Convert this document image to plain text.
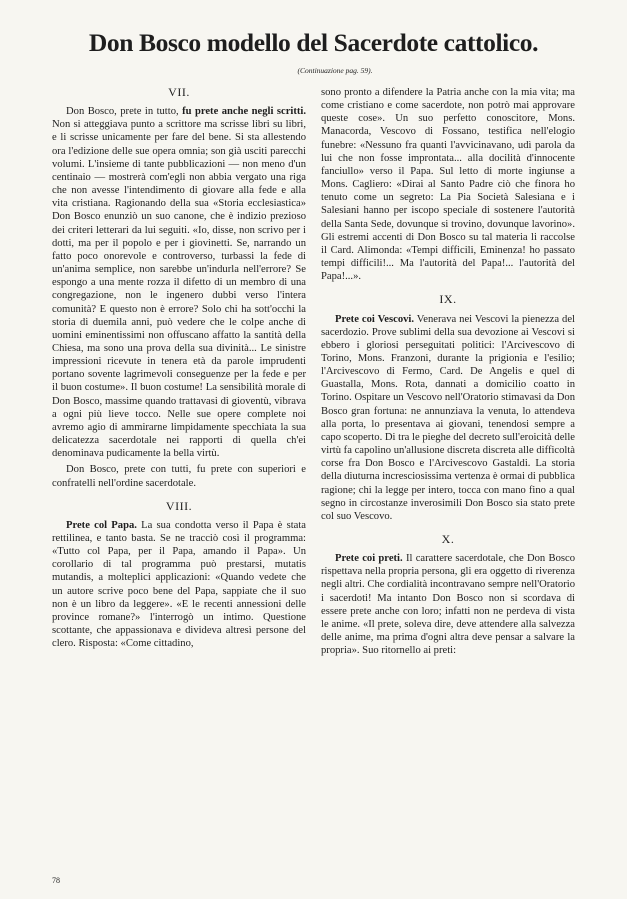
Don Bosco modello del Sacerdote cattolico.
(Continuazione pag. 59).
VII.

Don Bosco, prete in tutto, fu prete anche negli scritti. Non si atteggiava punto a scrittore ma scrisse libri su libri, e li scrisse unicamente per fare del bene. Si sta allestendo ora l'edizione delle sue opera omnia; son già usciti parecchi volumi. L'insieme di tante pubblicazioni — non meno d'un centinaio — mostrerà com'egli non abbia vergato una riga che non avesse l'intendimento di giovare alla fede e alla vita cristiana. Ragionando della sua «Storia ecclesiastica» Don Bosco enunziò un suo canone, che è indizio prezioso dei criteri letterari da lui seguiti. «Io, disse, non scrivo per i dotti, ma per il popolo e per i giovinetti. Se, narrando un fatto poco onorevole e controverso, turbassi la fede di un'anima semplice, non sarebbe un'indurla nell'errore? Se espongo a una mente rozza il difetto di un membro di una congregazione, non le ingenero dubbi verso l'intera comunità? E questo non è errore? Solo chi ha sott'occhi la storia di duemila anni, può vedere che le colpe anche di uomini eminentissimi non offuscano affatto la santità della Chiesa, ma sono una prova della sua divinità... Le sinistre impressioni ricevute in tenera età da parole imprudenti portano sovente lagrimevoli conseguenze per la fede e per il buon costume». Il buon costume! La sensibilità morale di Don Bosco, massime quando trattavasi di gioventù, vibrava a ogni più lieve tocco. Nelle sue opere complete noi avremo agio di ammirarne limpidamente specchiata la sua delicatezza sacerdotale nei rapporti di quella ch'ei denominava pudicamente la bella virtù.

Don Bosco, prete con tutti, fu prete con superiori e confratelli nell'ordine sacerdotale.

VIII.

Prete col Papa. La sua condotta verso il Papa è stata rettilinea, e tanto basta. Se ne tracciò così il programma: «Tutto col Papa, per il Papa, amando il Papa». Un corollario di tal programma può prestarsi, mutatis mutandis, a molteplici applicazioni: «Quando vedete che un autore scrive poco bene del Papa, sappiate che il suo non è un libro da leggere». «E le recenti annessioni delle province romane?» l'interrogò un intimo. Questione scottante, che appassionava e divideva altresì persone del clero. Risposta: «Come cittadino,

sono pronto a difendere la Patria anche con la mia vita; ma come cristiano e come sacerdote, non potrò mai approvare queste cose». Un suo perfetto conoscitore, Mons. Manacorda, Vescovo di Fossano, testifica nell'elogio funebre: «Nessuno fra quanti l'avvicinavano, udì parola da lui che non fosse improntata... alla docilità d'innocente fanciullo» verso il Papa. Sul letto di morte ingiunse a Mons. Cagliero: «Dirai al Santo Padre ciò che finora ho tenuto come un segreto: La Pia Società Salesiana e i Salesiani hanno per iscopo speciale di sostenere l'autorità della Santa Sede, dovunque si trovino, dovunque lavorino». Gli estremi accenti di Don Bosco su tal materia li raccolse il Card. Alimonda: «Tempi difficili, Eminenza! ho passato tempi difficili!... Ma l'autorità del Papa!... l'autorità del Papa!...».

IX.

Prete coi Vescovi. Venerava nei Vescovi la pienezza del sacerdozio. Prove sublimi della sua devozione ai Vescovi si ebbero i gloriosi perseguitati politici: l'Arcivescovo di Torino, Mons. Franzoni, durante la prigionia e l'esilio; l'Arcivescovo di Fermo, Card. De Angelis e quel di Guastalla, Mons. Rota, dannati a domicilio coatto in Torino. Ospitare un Vescovo nell'Oratorio stimavasi da Don Bosco gran fortuna: ne annunziava la venuta, lo attendeva alla porta, lo presentava ai giovani, tenendosi sempre a capo scoperto. Di tra le pieghe del decreto sull'eroicità delle virtù fa capolino un'allusione discreta discreta alle difficoltà corse fra Don Bosco e l'Arcivescovo Gastaldi. La storia della diuturna incresciosissima vertenza è ormai di pubblica ragione; chi la legge per intero, tocca con mano fino a qual segno in circostanze inverosimili Don Bosco sia stato prete col suo Vescovo.

X.

Prete coi preti. Il carattere sacerdotale, che Don Bosco rispettava nella propria persona, gli era oggetto di riverenza negli altri. Che cordialità incontravano sempre nell'Oratorio i sacerdoti! Ma intanto Don Bosco non si scordava di essere prete anche con loro; infatti non ne perdeva di vista le anime. «Il prete, soleva dire, deve attendere alla salvezza delle anime, ma prima d'ogni altra deve pensar a salvare la propria». Suo ritornello ai preti:

78
